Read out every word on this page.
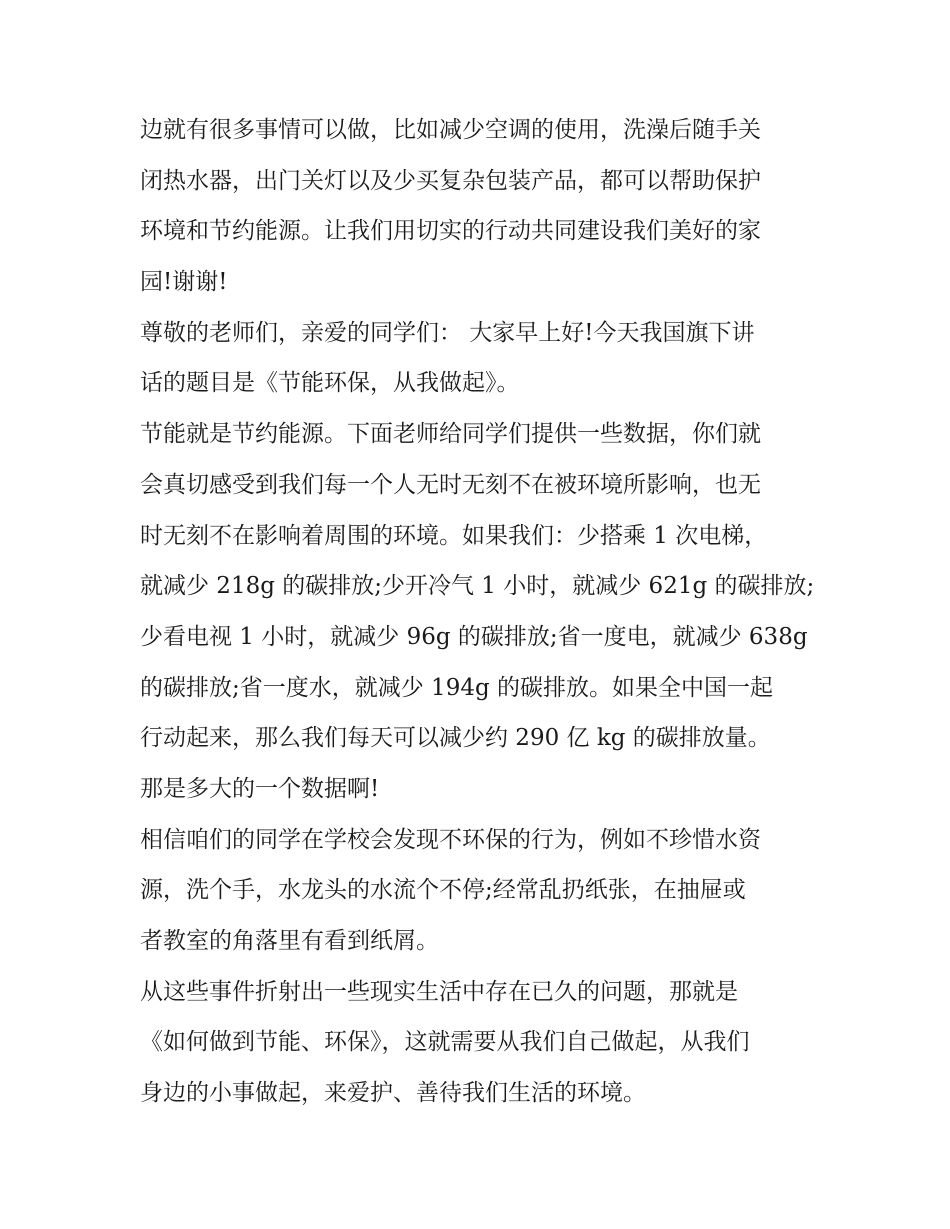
边就有很多事情可以做，比如减少空调的使用，洗澡后随手关
闭热水器，出门关灯以及少买复杂包装产品，都可以帮助保护
环境和节约能源。让我们用切实的行动共同建设我们美好的家
园!谢谢!
尊敬的老师们，亲爱的同学们： 大家早上好!今天我国旗下讲
话的题目是《节能环保，从我做起》。
节能就是节约能源。下面老师给同学们提供一些数据，你们就
会真切感受到我们每一个人无时无刻不在被环境所影响，也无
时无刻不在影响着周围的环境。如果我们：少搭乘 1 次电梯，
就减少 218g 的碳排放;少开冷气 1 小时，就减少 621g 的碳排放;
少看电视 1 小时，就减少 96g 的碳排放;省一度电，就减少 638g
的碳排放;省一度水，就减少 194g 的碳排放。如果全中国一起
行动起来，那么我们每天可以减少约 290 亿 kg 的碳排放量。
那是多大的一个数据啊!
相信咱们的同学在学校会发现不环保的行为，例如不珍惜水资
源，洗个手，水龙头的水流个不停;经常乱扔纸张，在抽屉或
者教室的角落里有看到纸屑。
从这些事件折射出一些现实生活中存在已久的问题，那就是
《如何做到节能、环保》，这就需要从我们自己做起，从我们
身边的小事做起，来爱护、善待我们生活的环境。
